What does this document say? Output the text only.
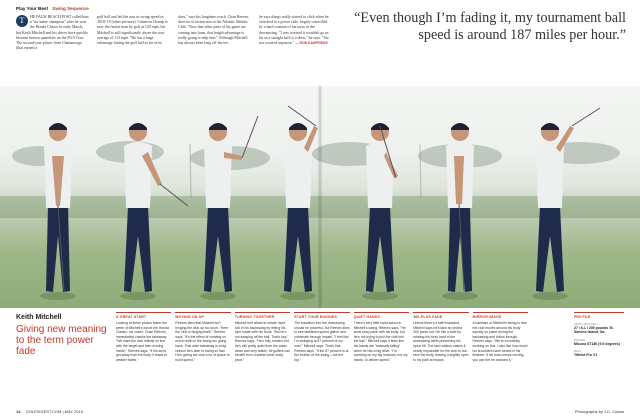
Play Your Best Swing Sequence
T	HE PALM BEACH POST called him a "no-name champion" after he won the Honda Classic in early March, but Keith Mitchell and his driver have quickly become known quantities on the PGA Tour. The second-year player from Chattanooga (that earned a
golf ball and led the tour in swing speed in 2018-'19 (other pictures). Cameron Champ is now the fastest man by golf at 129 mph, but Mitchell is still significantly above the tour average of 113 mph. "He has a huge advantage hitting the golf ball as far as he
does," says his longtime coach, Chan Reeves, director of instruction at the Atlantic Athletic Club. "Now that other parts of his game are coming into form, that length advantage is really going to help him." Although Mitchell has always been long off the tee,
he says things really started to click when he switched to a power fade, largely controlled by a hard rotation of his torso in the downswing. "I was worried it wouldn't go as far as a straight ball or a draw," he says. "I'm not worried anymore." — RON KASPRISKE
“Even though I’m fading it, my tournament ball speed is around 187 miles per hour.”
Keith Mitchell
Giving new meaning to the term power fade
A GREAT START
Looking at these photos taken the week of Mitchell's win at the Honda Classic, his coach, Chan Reeves, immediately checks the takeaway. "We want the club initially on line with the target and then moving inside," Reeves says. "If his arms get away from his body, it leads to weaker fades."
MOVING ON UP
Reeves likes that Mitchell isn't hinging the club up too soon. "Here the club is hinging itself," Reeves says. "It's the effect of creating so much width in the swing arc going back. That wide takeaway is a big reason he's able to swing so fast. He's giving the club a lot of space to build speed."
TURNING TOGETHER
Mitchell isn't afraid to create more coil in his backswing by letting his hips rotate with his trunk. "But he's not swaying off the ball. That's key," Reeves says. "He's fully rotated, but he's still pretty quiet from the waist down and very stable. All golfers can benefit from a stable lower-body pivot."
START YOUR ENGINES
The transition into the downswing should be powerful, but Reeves likes to see stabilized speed gather and culminate through impact. "I feel like I'm swinging at 87 percent of my max," Mitchell says. That's fine, Reeves says. "If the 87 percent is at the bottom of the swing—not the top."
QUIET HANDS
There's very little hand action in Mitchell's swing, Reeves says. "He arms keep pace with his body, but he's not trying to pull the club into the ball." Mitchell says it feels like his hands are "basically falling" when he hits a big drive. "I'm counting on my big muscles, not my hands, to deliver speed."
360-PLUS FADE
Unless there's a stiff headwind, Mitchell says he'll take an (ex)tra 300 yards out. He hits a fade by rotating his torso hard in the downswing while preserving his spine tilt. The fast rotation makes it nearly impossible for the club to out-race the body, leaving it slightly open to his path at impact.
MIRROR IMAGE
A hallmark of Mitchell's swing is that the club moves around his body equally on plane during the backswing and follow-through, Reeves says. "We're constantly working on this. I also like how much his shoulders have turned in his finishes. If his torso keeps moving, you can bet he cranked it."
PRO FILE
KEITH MITCHELL
27 / 6-1 / 205 pounds St. Simons Island, Ga.
DRIVER
Mizuno ST180 (9.5 degrees)
BALL
Titleist Pro V1
14 GOLFDIGEST.COM | MAY 2019	Photographs by J.D. Cuban
